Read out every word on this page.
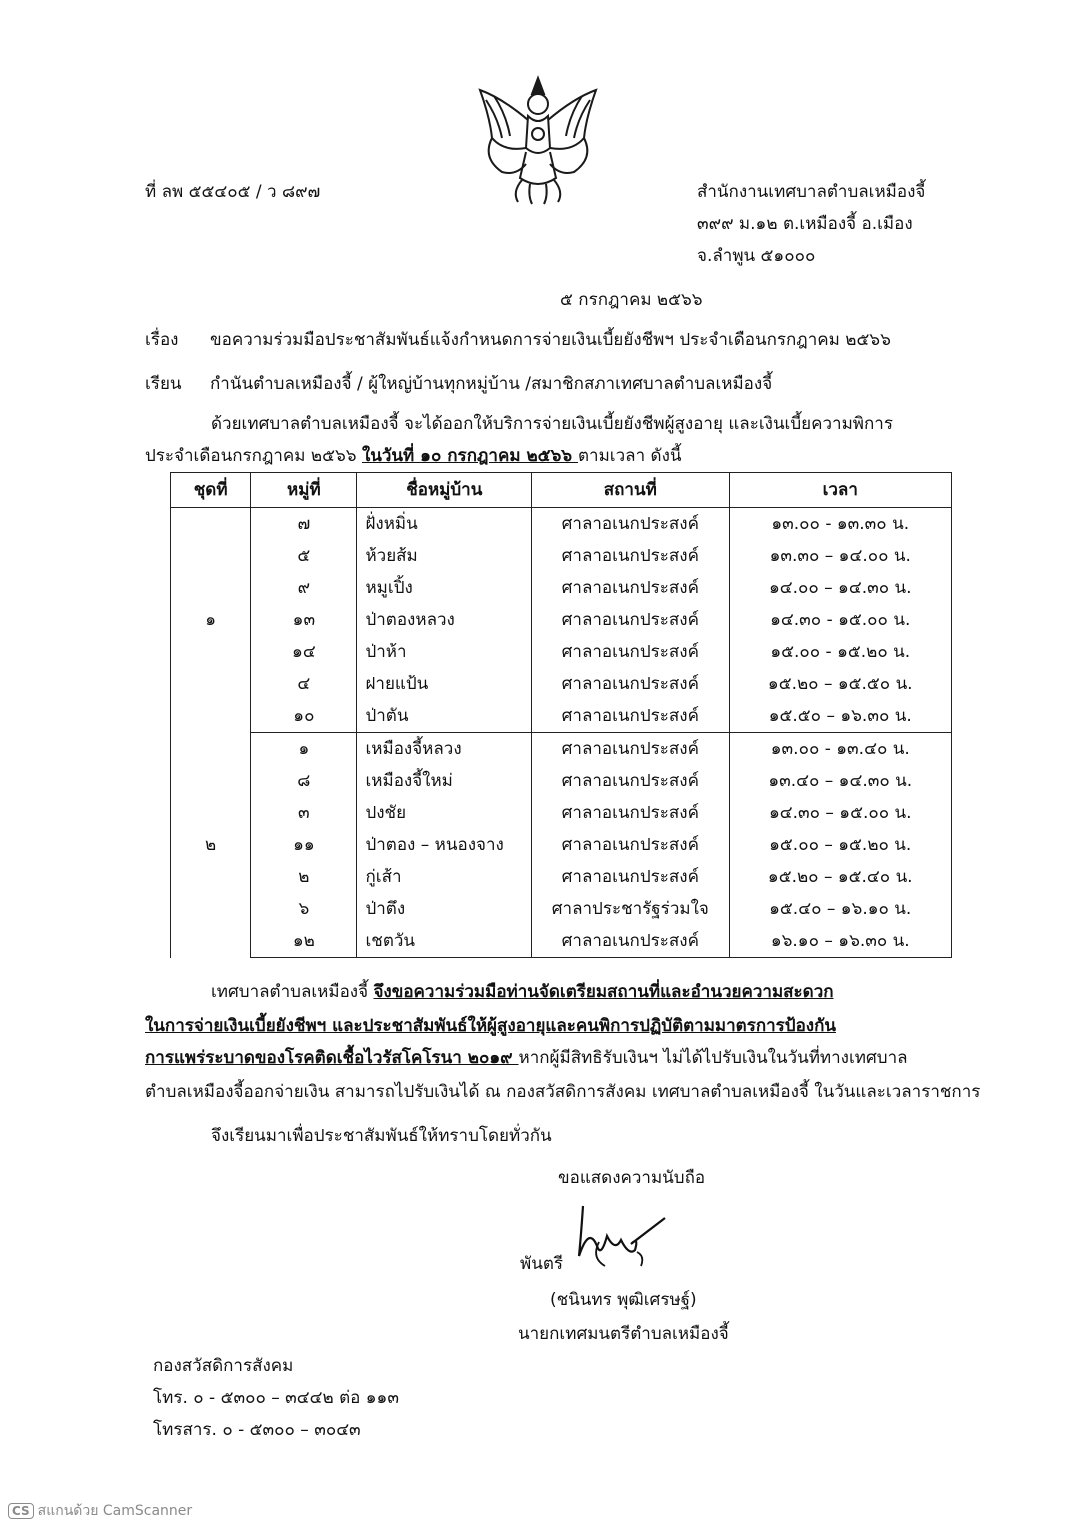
ที่ ลพ ๕๕๔๐๕ / ว ๘๙๗	สำนักงานเทศบาลตำบลเหมืองจี้
๓๙๙ ม.๑๒ ต.เหมืองจี้ อ.เมือง
จ.ลำพูน ๕๑๐๐๐
๕ กรกฎาคม ๒๕๖๖
เรื่อง ขอความร่วมมือประชาสัมพันธ์แจ้งกำหนดการจ่ายเงินเบี้ยยังชีพฯ ประจำเดือนกรกฎาคม ๒๕๖๖
เรียน กำนันตำบลเหมืองจี้ / ผู้ใหญ่บ้านทุกหมู่บ้าน /สมาชิกสภาเทศบาลตำบลเหมืองจี้
ด้วยเทศบาลตำบลเหมืองจี้ จะได้ออกให้บริการจ่ายเงินเบี้ยยังชีพผู้สูงอายุ และเงินเบี้ยความพิการ
ประจำเดือนกรกฎาคม ๒๕๖๖ ในวันที่ ๑๐ กรกฎาคม ๒๕๖๖ ตามเวลา ดังนี้
ชุดที่	หมู่ที่	ชื่อหมู่บ้าน	สถานที่	เวลา
๑	๗	ฝั่งหมิ่น	ศาลาอเนกประสงค์	๑๓.๐๐ - ๑๓.๓๐ น.
	๕	ห้วยส้ม	ศาลาอเนกประสงค์	๑๓.๓๐ – ๑๔.๐๐ น.
	๙	หมูเปิ้ง	ศาลาอเนกประสงค์	๑๔.๐๐ – ๑๔.๓๐ น.
	๑๓	ป่าตองหลวง	ศาลาอเนกประสงค์	๑๔.๓๐ - ๑๕.๐๐ น.
	๑๔	ป่าห้า	ศาลาอเนกประสงค์	๑๕.๐๐ - ๑๕.๒๐ น.
	๔	ฝายแป้น	ศาลาอเนกประสงค์	๑๕.๒๐ – ๑๕.๕๐ น.
	๑๐	ป่าตัน	ศาลาอเนกประสงค์	๑๕.๕๐ – ๑๖.๓๐ น.
๒	๑	เหมืองจี้หลวง	ศาลาอเนกประสงค์	๑๓.๐๐ - ๑๓.๔๐ น.
	๘	เหมืองจี้ใหม่	ศาลาอเนกประสงค์	๑๓.๔๐ – ๑๔.๓๐ น.
	๓	ปงชัย	ศาลาอเนกประสงค์	๑๔.๓๐ – ๑๕.๐๐ น.
	๑๑	ป่าตอง – หนองจาง	ศาลาอเนกประสงค์	๑๕.๐๐ – ๑๕.๒๐ น.
	๒	กู่เส้า	ศาลาอเนกประสงค์	๑๕.๒๐ – ๑๕.๔๐ น.
	๖	ป่าตึง	ศาลาประชารัฐร่วมใจ	๑๕.๔๐ – ๑๖.๑๐ น.
	๑๒	เชตวัน	ศาลาอเนกประสงค์	๑๖.๑๐ – ๑๖.๓๐ น.
เทศบาลตำบลเหมืองจี้ จึงขอความร่วมมือท่านจัดเตรียมสถานที่และอำนวยความสะดวก
ในการจ่ายเงินเบี้ยยังชีพฯ และประชาสัมพันธ์ให้ผู้สูงอายุและคนพิการปฏิบัติตามมาตรการป้องกัน
การแพร่ระบาดของโรคติดเชื้อไวรัสโคโรนา ๒๐๑๙ หากผู้มีสิทธิรับเงินฯ ไม่ได้ไปรับเงินในวันที่ทางเทศบาล
ตำบลเหมืองจี้ออกจ่ายเงิน สามารถไปรับเงินได้ ณ กองสวัสดิการสังคม เทศบาลตำบลเหมืองจี้ ในวันและเวลาราชการ
จึงเรียนมาเพื่อประชาสัมพันธ์ให้ทราบโดยทั่วกัน
ขอแสดงความนับถือ
พันตรี
(ชนินทร พุฒิเศรษฐ์)
นายกเทศมนตรีตำบลเหมืองจี้
กองสวัสดิการสังคม
โทร. ๐ - ๕๓๐๐ – ๓๔๔๒ ต่อ ๑๑๓
โทรสาร. ๐ - ๕๓๐๐ – ๓๐๔๓
CS สแกนด้วย CamScanner
